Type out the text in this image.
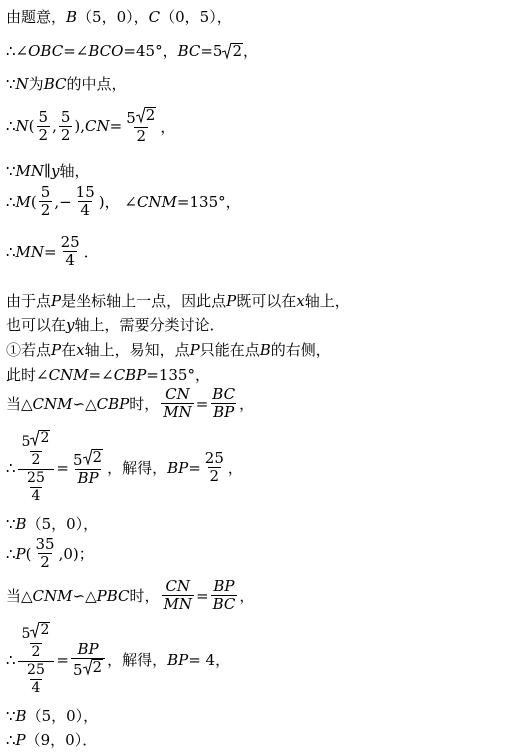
由题意， B （5，0）， C （0，5），
∴∠ OBC =∠ BCO =45°， BC =5 2 ，
∵ N 为 BC 的中点，
∴ N ( $\frac{5}{2}$ , $\frac{5}{2}$ ), CN = $\frac{5 2}{2}$ ，
∵ MN ∥ y 轴，
∴ M ( $\frac{5}{2}$ ,− $\frac{15}{4}$ )， ∠ CNM =135°，
∴ MN = $\frac{25}{4}$ ．
由于点 P 是坐标轴上一点，因此点 P 既可以在 x 轴上，
也可以在 y 轴上，需要分类讨论．
①若点 P 在 x 轴上，易知，点 P 只能在点 B 的右侧，
此时∠ CNM =∠ CBP =135°，
当△ CNM ∽△ CBP 时， $\frac{CN}{MN} = \frac{BC}{BP}$ ，
∴ $\frac{5 2}{2}$
$\frac{25}{4}$
= $\frac{5 2}{BP}$ ，解得， BP = $\frac{25}{2}$ ，
∵ B （5，0），
∴ P ( $\frac{35}{2} ,0$)；
当△ CNM ∽△ PBC 时， $\frac{CN}{MN} = \frac{BP}{BC}$ ，
∴ $\frac{5 2}{2}$
$\frac{25}{4}$
= $\frac{BP}{5 2}$ ，解得， BP = 4，
∵ B （5，0），
∴ P （9，0）．
